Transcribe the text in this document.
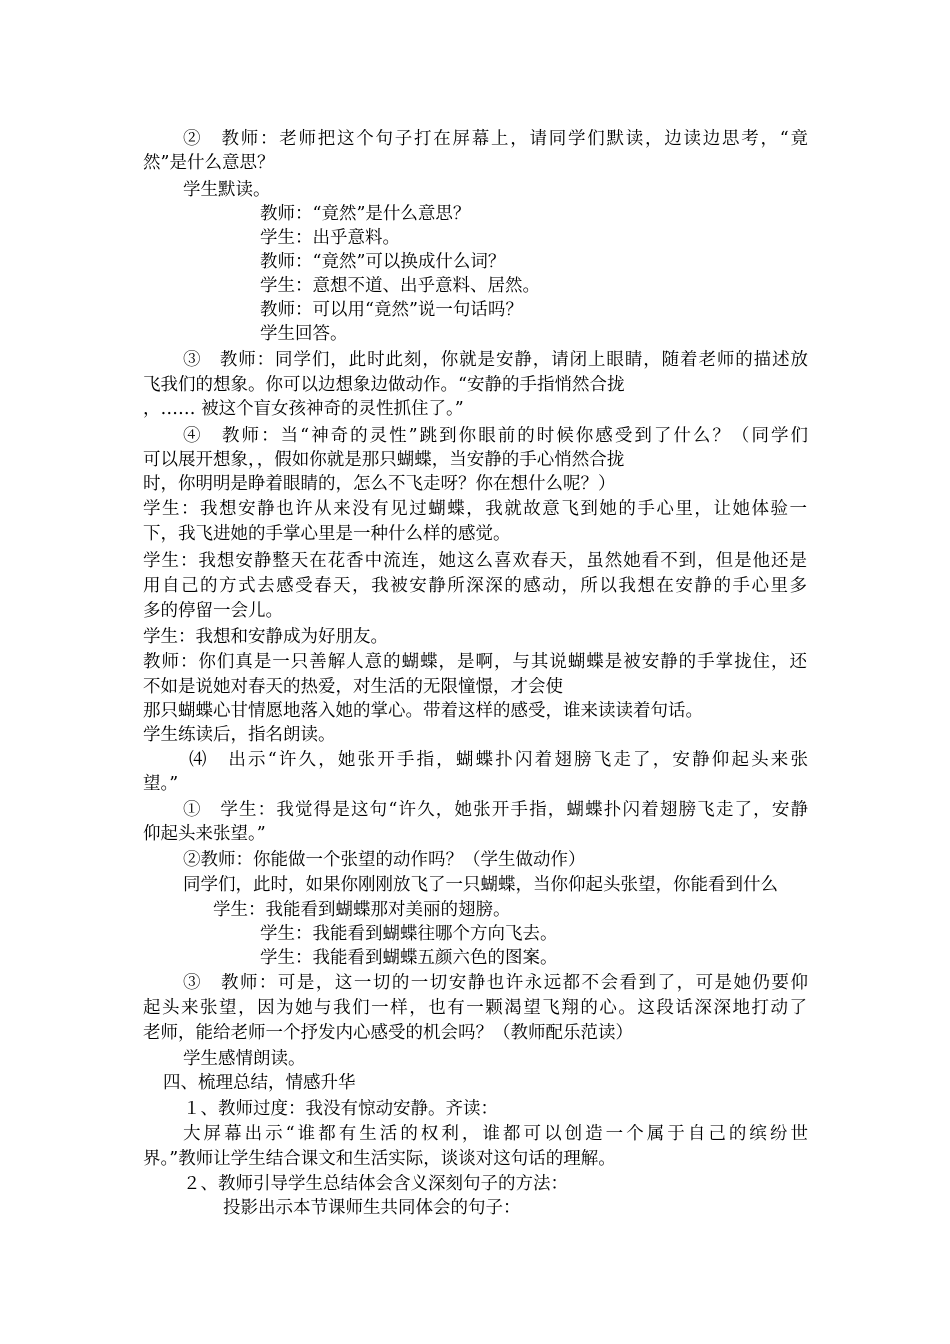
②　教师：老师把这个句子打在屏幕上，请同学们默读，边读边思考，“竟
然”是什么意思？
学生默读。
教师：“竟然”是什么意思？
学生：出乎意料。
教师：“竟然”可以换成什么词？
学生：意想不道、出乎意料、居然。
教师：可以用“竟然”说一句话吗？
学生回答。
③　教师：同学们，此时此刻，你就是安静，请闭上眼睛，随着老师的描述放
飞我们的想象。你可以边想象边做动作。“安静的手指悄然合拢
，…… 被这个盲女孩神奇的灵性抓住了。”
④　教师：当“神奇的灵性”跳到你眼前的时候你感受到了什么？（同学们
可以展开想象，，假如你就是那只蝴蝶，当安静的手心悄然合拢
时，你明明是睁着眼睛的，怎么不飞走呀？你在想什么呢？）
学生：我想安静也许从来没有见过蝴蝶，我就故意飞到她的手心里，让她体验一
下，我飞进她的手掌心里是一种什么样的感觉。
学生：我想安静整天在花香中流连，她这么喜欢春天，虽然她看不到，但是他还是
用自己的方式去感受春天，我被安静所深深的感动，所以我想在安静的手心里多
多的停留一会儿。
学生：我想和安静成为好朋友。
教师：你们真是一只善解人意的蝴蝶，是啊，与其说蝴蝶是被安静的手掌拢住，还
不如是说她对春天的热爱，对生活的无限憧憬，才会使
那只蝴蝶心甘情愿地落入她的掌心。带着这样的感受，谁来读读着句话。
学生练读后，指名朗读。
⑷　出示“许久，她张开手指，蝴蝶扑闪着翅膀飞走了，安静仰起头来张
望。”
①　学生：我觉得是这句“许久，她张开手指，蝴蝶扑闪着翅膀飞走了，安静
仰起头来张望。”
②教师：你能做一个张望的动作吗？（学生做动作）
同学们，此时，如果你刚刚放飞了一只蝴蝶，当你仰起头张望，你能看到什么
学生：我能看到蝴蝶那对美丽的翅膀。
学生：我能看到蝴蝶往哪个方向飞去。
学生：我能看到蝴蝶五颜六色的图案。
③　教师：可是，这一切的一切安静也许永远都不会看到了，可是她仍要仰
起头来张望，因为她与我们一样，也有一颗渴望飞翔的心。这段话深深地打动了
老师，能给老师一个抒发内心感受的机会吗？（教师配乐范读）
学生感情朗读。
四、梳理总结，情感升华
１、教师过度：我没有惊动安静。齐读：
大屏幕出示“谁都有生活的权利，谁都可以创造一个属于自己的缤纷世
界。”教师让学生结合课文和生活实际，谈谈对这句话的理解。
２、教师引导学生总结体会含义深刻句子的方法：
投影出示本节课师生共同体会的句子：
